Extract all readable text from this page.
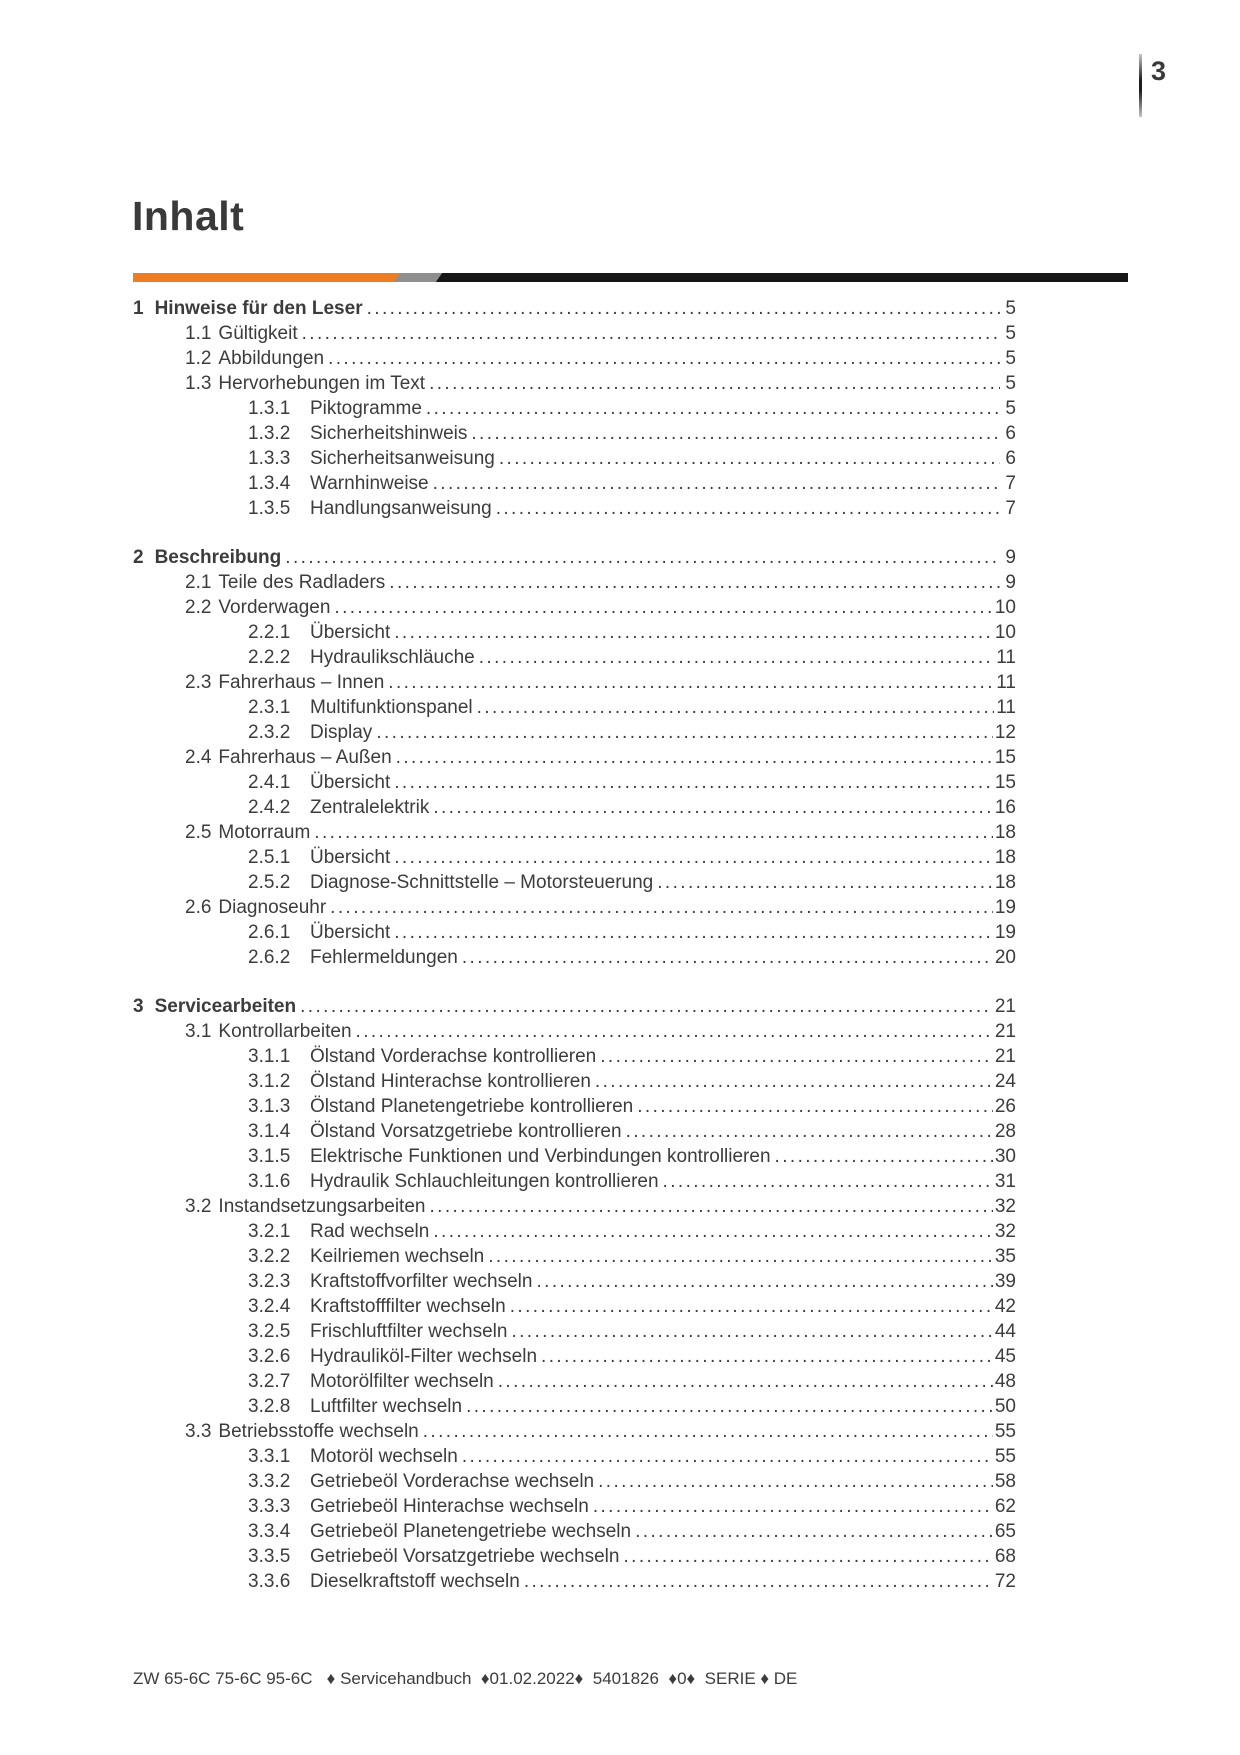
3
Inhalt
1 Hinweise für den Leser .....	5
1.1 Gültigkeit .....	5
1.2 Abbildungen .....	5
1.3 Hervorhebungen im Text .....	5
1.3.1	Piktogramme .....	5
1.3.2	Sicherheitshinweis .....	6
1.3.3	Sicherheitsanweisung .....	6
1.3.4	Warnhinweise .....	7
1.3.5	Handlungsanweisung .....	7
2 Beschreibung .....	9
2.1 Teile des Radladers .....	9
2.2 Vorderwagen .....	10
2.2.1	Übersicht .....	10
2.2.2	Hydraulikschläuche .....	11
2.3 Fahrerhaus – Innen .....	11
2.3.1	Multifunktionspanel .....	11
2.3.2	Display .....	12
2.4 Fahrerhaus – Außen .....	15
2.4.1	Übersicht .....	15
2.4.2	Zentralelektrik .....	16
2.5 Motorraum .....	18
2.5.1	Übersicht .....	18
2.5.2	Diagnose-Schnittstelle – Motorsteuerung .....	18
2.6 Diagnoseuhr .....	19
2.6.1	Übersicht .....	19
2.6.2	Fehlermeldungen .....	20
3 Servicearbeiten .....	21
3.1 Kontrollarbeiten .....	21
3.1.1	Ölstand Vorderachse kontrollieren .....	21
3.1.2	Ölstand Hinterachse kontrollieren .....	24
3.1.3	Ölstand Planetengetriebe kontrollieren .....	26
3.1.4	Ölstand Vorsatzgetriebe kontrollieren .....	28
3.1.5	Elektrische Funktionen und Verbindungen kontrollieren .....	30
3.1.6	Hydraulik Schlauchleitungen kontrollieren .....	31
3.2 Instandsetzungsarbeiten .....	32
3.2.1	Rad wechseln .....	32
3.2.2	Keilriemen wechseln .....	35
3.2.3	Kraftstoffvorfilter wechseln .....	39
3.2.4	Kraftstofffilter wechseln .....	42
3.2.5	Frischluftfilter wechseln .....	44
3.2.6	Hydrauliköl-Filter wechseln .....	45
3.2.7	Motorölfilter wechseln .....	48
3.2.8	Luftfilter wechseln .....	50
3.3 Betriebsstoffe wechseln .....	55
3.3.1	Motoröl wechseln .....	55
3.3.2	Getriebeöl Vorderachse wechseln .....	58
3.3.3	Getriebeöl Hinterachse wechseln .....	62
3.3.4	Getriebeöl Planetengetriebe wechseln .....	65
3.3.5	Getriebeöl Vorsatzgetriebe wechseln .....	68
3.3.6	Dieselkraftstoff wechseln .....	72
ZW 65-6C 75-6C 95-6C   ♦ Servicehandbuch  ♦01.02.2022♦  5401826  ♦0♦  SERIE ♦ DE
